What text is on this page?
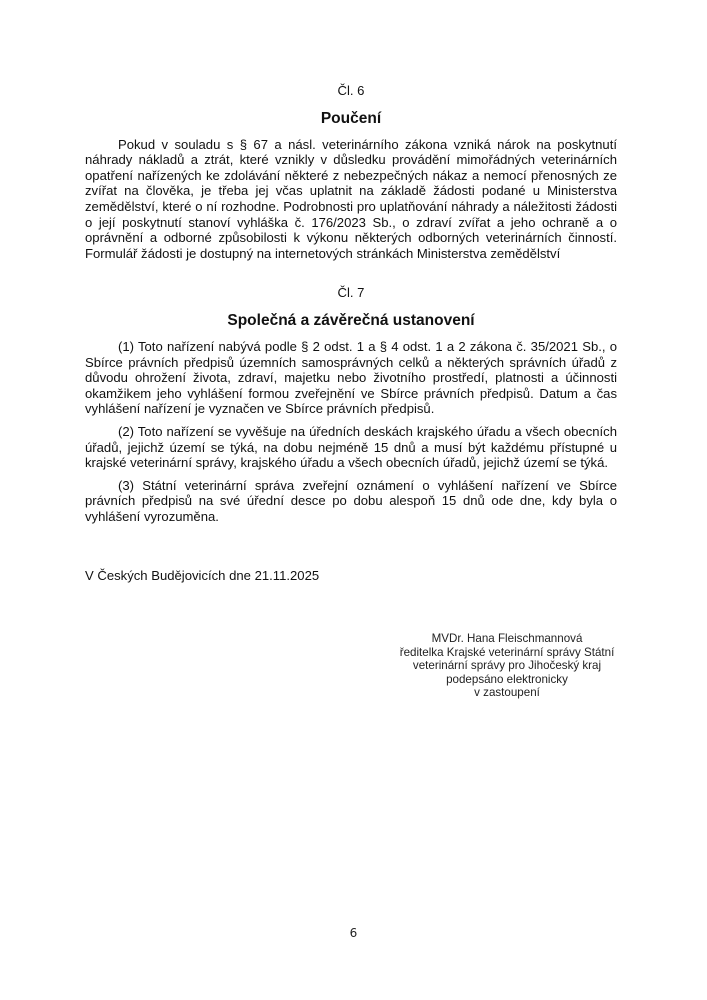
Čl. 6
Poučení

Pokud v souladu s § 67 a násl. veterinárního zákona vzniká nárok na poskytnutí náhrady nákladů a ztrát, které vznikly v důsledku provádění mimořádných veterinárních opatření nařízených ke zdolávání některé z nebezpečných nákaz a nemocí přenosných ze zvířat na člověka, je třeba jej včas uplatnit na základě žádosti podané u Ministerstva zemědělství, které o ní rozhodne. Podrobnosti pro uplatňování náhrady a náležitosti žádosti o její poskytnutí stanoví vyhláška č. 176/2023 Sb., o zdraví zvířat a jeho ochraně a o oprávnění a odborné způsobilosti k výkonu některých odborných veterinárních činností. Formulář žádosti je dostupný na internetových stránkách Ministerstva zemědělství

Čl. 7
Společná a závěrečná ustanovení

(1) Toto nařízení nabývá podle § 2 odst. 1 a § 4 odst. 1 a 2 zákona č. 35/2021 Sb., o Sbírce právních předpisů územních samosprávných celků a některých správních úřadů z důvodu ohrožení života, zdraví, majetku nebo životního prostředí, platnosti a účinnosti okamžikem jeho vyhlášení formou zveřejnění ve Sbírce právních předpisů. Datum a čas vyhlášení nařízení je vyznačen ve Sbírce právních předpisů.

(2) Toto nařízení se vyvěšuje na úředních deskách krajského úřadu a všech obecních úřadů, jejichž území se týká, na dobu nejméně 15 dnů a musí být každému přístupné u krajské veterinární správy, krajského úřadu a všech obecních úřadů, jejichž území se týká.

(3) Státní veterinární správa zveřejní oznámení o vyhlášení nařízení ve Sbírce právních předpisů na své úřední desce po dobu alespoň 15 dnů ode dne, kdy byla o vyhlášení vyrozuměna.

V Českých Budějovicích dne 21.11.2025
MVDr. Hana Fleischmannová
ředitelka Krajské veterinární správy Státní
veterinární správy pro Jihočeský kraj
podepsáno elektronicky
v zastoupení
6
